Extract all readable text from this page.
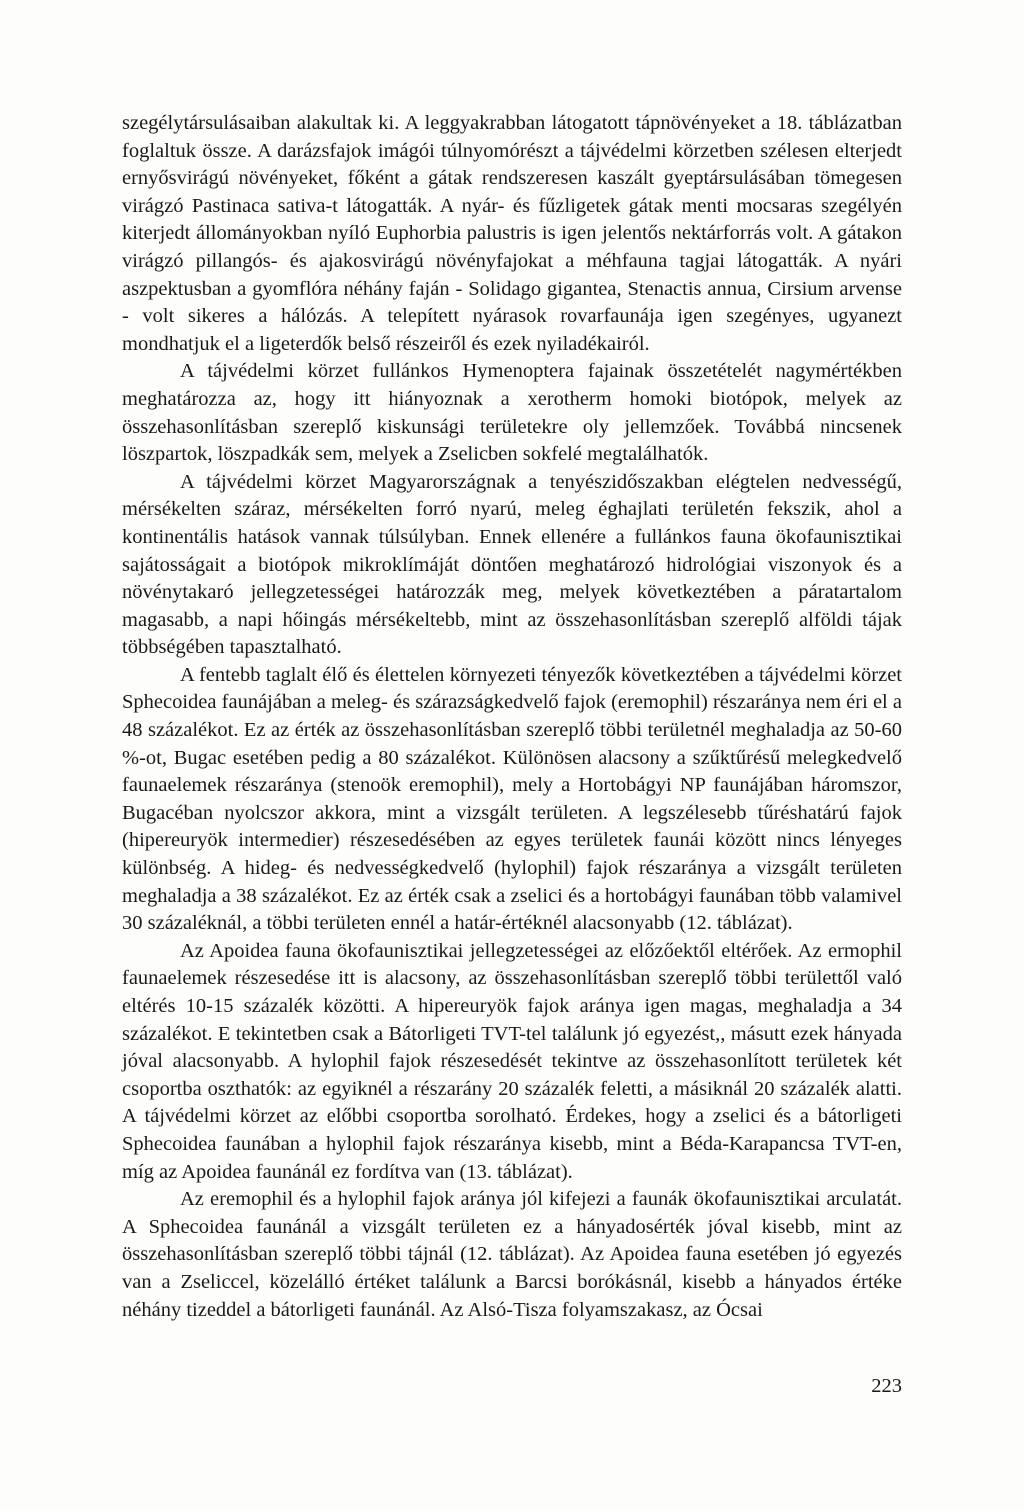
szegélytársulásaiban alakultak ki. A leggyakrabban látogatott tápnövényeket a 18. táblázatban foglaltuk össze. A darázsfajok imágói túlnyomórészt a tájvédelmi körzetben szélesen elterjedt ernyősvirágú növényeket, főként a gátak rendszeresen kaszált gyeptársulásában tömegesen virágzó Pastinaca sativa-t látogatták. A nyár- és fűzligetek gátak menti mocsaras szegélyén kiterjedt állományokban nyíló Euphorbia palustris is igen jelentős nektárforrás volt. A gátakon virágzó pillangós- és ajakosvirágú növényfajokat a méhfauna tagjai látogatták. A nyári aszpektusban a gyomflóra néhány faján - Solidago gigantea, Stenactis annua, Cirsium arvense - volt sikeres a hálózás. A telepített nyárasok rovarfaunája igen szegényes, ugyanezt mondhatjuk el a ligeterdők belső részeiről és ezek nyiladékairól.

A tájvédelmi körzet fullánkos Hymenoptera fajainak összetételét nagymértékben meghatározza az, hogy itt hiányoznak a xerotherm homoki biotópok, melyek az összehasonlításban szereplő kiskunsági területekre oly jellemzőek. Továbbá nincsenek löszpartok, löszpadkák sem, melyek a Zselicben sokfelé megtalálhatók.

A tájvédelmi körzet Magyarországnak a tenyészidőszakban elégtelen nedvességű, mérsékelten száraz, mérsékelten forró nyarú, meleg éghajlati területén fekszik, ahol a kontinentális hatások vannak túlsúlyban. Ennek ellenére a fullánkos fauna ökofaunisztikai sajátosságait a biotópok mikroklímáját döntően meghatározó hidrológiai viszonyok és a növénytakaró jellegzetességei határozzák meg, melyek következtében a páratartalom magasabb, a napi hőingás mérsékeltebb, mint az összehasonlításban szereplő alföldi tájak többségében tapasztalható.

A fentebb taglalt élő és élettelen környezeti tényezők következtében a tájvédelmi körzet Sphecoidea faunájában a meleg- és szárazságkedvelő fajok (eremophil) részaránya nem éri el a 48 százalékot. Ez az érték az összehasonlításban szereplő többi területnél meghaladja az 50-60 %-ot, Bugac esetében pedig a 80 százalékot. Különösen alacsony a szűktűrésű melegkedvelő faunaelemek részaránya (stenoök eremophil), mely a Hortobágyi NP faunájában háromszor, Bugacéban nyolcszor akkora, mint a vizsgált területen. A legszélesebb tűréshatárú fajok (hipereuryök intermedier) részesedésében az egyes területek faunái között nincs lényeges különbség. A hideg- és nedvességkedvelő (hylophil) fajok részaránya a vizsgált területen meghaladja a 38 százalékot. Ez az érték csak a zselici és a hortobágyi faunában több valamivel 30 százaléknál, a többi területen ennél a határ-értéknél alacsonyabb (12. táblázat).

Az Apoidea fauna ökofaunisztikai jellegzetességei az előzőektől eltérőek. Az ermophil faunaelemek részesedése itt is alacsony, az összehasonlításban szereplő többi területtől való eltérés 10-15 százalék közötti. A hipereuryök fajok aránya igen magas, meghaladja a 34 százalékot. E tekintetben csak a Bátorligeti TVT-tel találunk jó egyezést,, másutt ezek hányada jóval alacsonyabb. A hylophil fajok részesedését tekintve az összehasonlított területek két csoportba oszthatók: az egyiknél a részarány 20 százalék feletti, a másiknál 20 százalék alatti. A tájvédelmi körzet az előbbi csoportba sorolható. Érdekes, hogy a zselici és a bátorligeti Sphecoidea faunában a hylophil fajok részaránya kisebb, mint a Béda-Karapancsa TVT-en, míg az Apoidea faunánál ez fordítva van (13. táblázat).

Az eremophil és a hylophil fajok aránya jól kifejezi a faunák ökofaunisztikai arculatát. A Sphecoidea faunánál a vizsgált területen ez a hányadosérték jóval kisebb, mint az összehasonlításban szereplő többi tájnál (12. táblázat). Az Apoidea fauna esetében jó egyezés van a Zseliccel, közelálló értéket találunk a Barcsi borókásnál, kisebb a hányados értéke néhány tizeddel a bátorligeti faunánál. Az Alsó-Tisza folyamszakasz, az Ócsai

223
